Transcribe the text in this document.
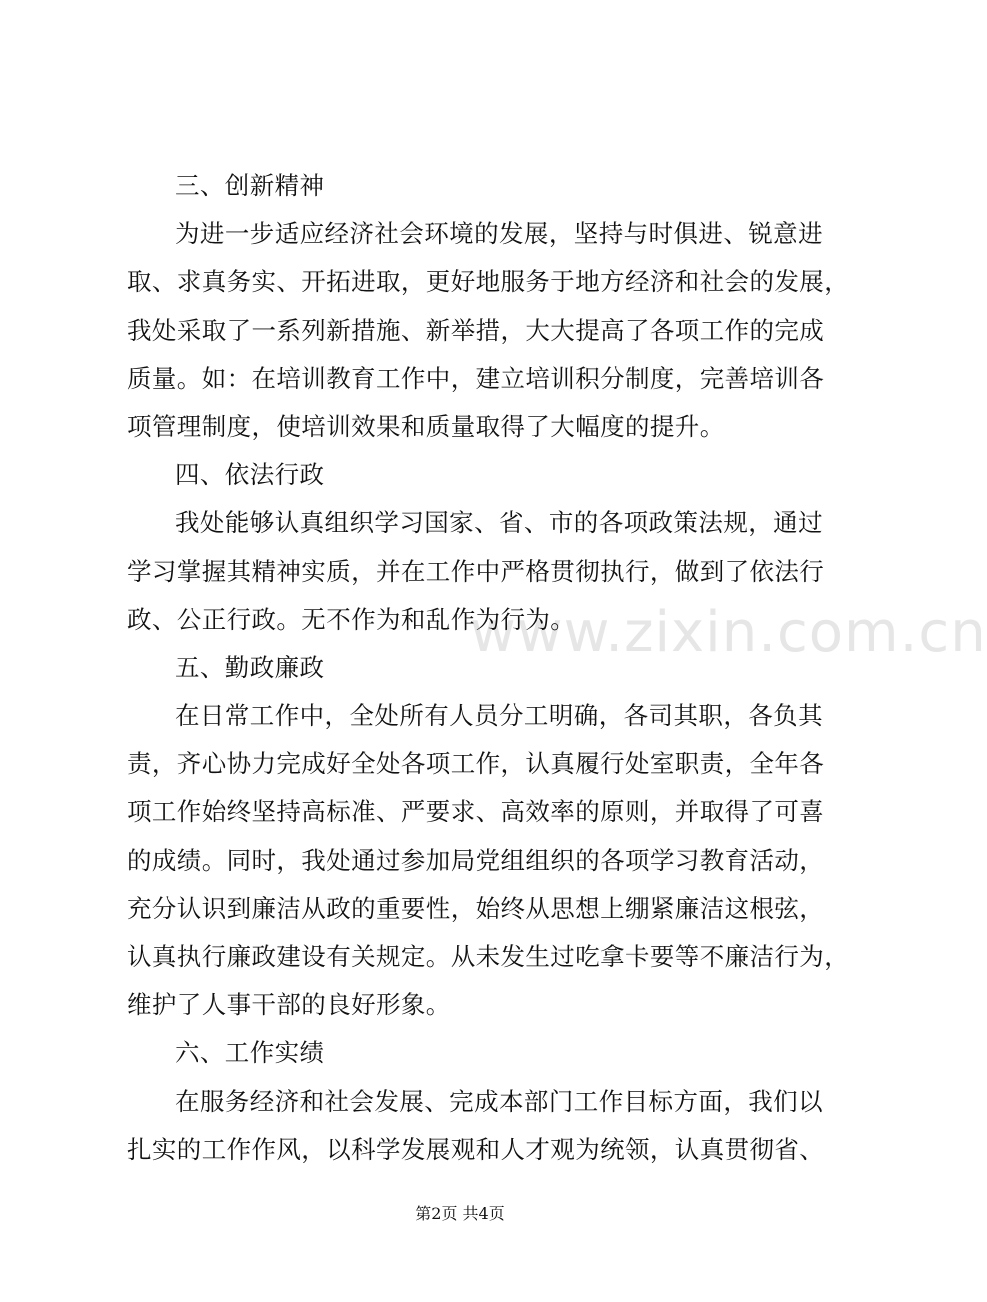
www.zixin.com.cn
三、创新精神
为进一步适应经济社会环境的发展，坚持与时俱进、锐意进
取、求真务实、开拓进取，更好地服务于地方经济和社会的发展，
我处采取了一系列新措施、新举措，大大提高了各项工作的完成
质量。如：在培训教育工作中，建立培训积分制度，完善培训各
项管理制度，使培训效果和质量取得了大幅度的提升。
四、依法行政
我处能够认真组织学习国家、省、市的各项政策法规，通过
学习掌握其精神实质，并在工作中严格贯彻执行，做到了依法行
政、公正行政。无不作为和乱作为行为。
五、勤政廉政
在日常工作中，全处所有人员分工明确，各司其职，各负其
责，齐心协力完成好全处各项工作，认真履行处室职责，全年各
项工作始终坚持高标准、严要求、高效率的原则，并取得了可喜
的成绩。同时，我处通过参加局党组组织的各项学习教育活动，
充分认识到廉洁从政的重要性，始终从思想上绷紧廉洁这根弦，
认真执行廉政建设有关规定。从未发生过吃拿卡要等不廉洁行为，
维护了人事干部的良好形象。
六、工作实绩
在服务经济和社会发展、完成本部门工作目标方面，我们以
扎实的工作作风，以科学发展观和人才观为统领，认真贯彻省、
第2页 共4页
